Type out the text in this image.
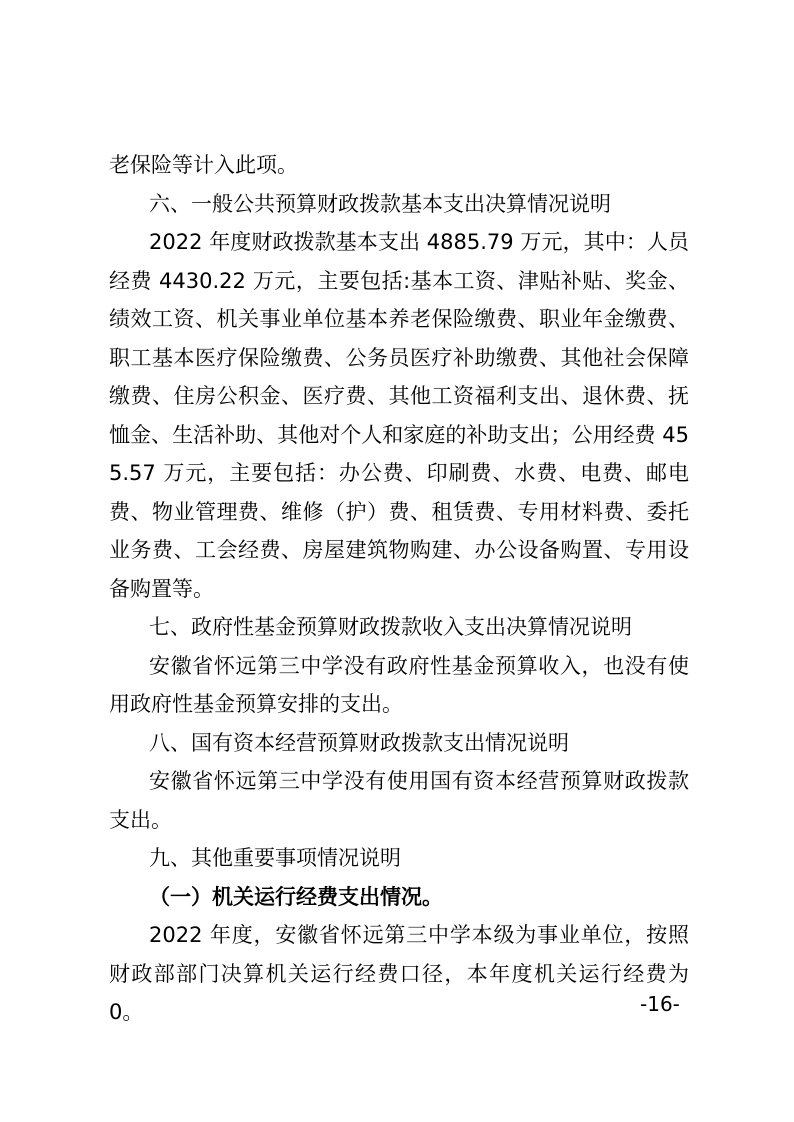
老保险等计入此项。

六、一般公共预算财政拨款基本支出决算情况说明

2022 年度财政拨款基本支出 4885.79 万元，其中：人员经费 4430.22 万元，主要包括:基本工资、津贴补贴、奖金、绩效工资、机关事业单位基本养老保险缴费、职业年金缴费、职工基本医疗保险缴费、公务员医疗补助缴费、其他社会保障缴费、住房公积金、医疗费、其他工资福利支出、退休费、抚恤金、生活补助、其他对个人和家庭的补助支出；公用经费 455.57 万元，主要包括：办公费、印刷费、水费、电费、邮电费、物业管理费、维修（护）费、租赁费、专用材料费、委托业务费、工会经费、房屋建筑物购建、办公设备购置、专用设备购置等。

七、政府性基金预算财政拨款收入支出决算情况说明

安徽省怀远第三中学没有政府性基金预算收入，也没有使用政府性基金预算安排的支出。

八、国有资本经营预算财政拨款支出情况说明

安徽省怀远第三中学没有使用国有资本经营预算财政拨款支出。

九、其他重要事项情况说明

（一）机关运行经费支出情况。

2022 年度，安徽省怀远第三中学本级为事业单位，按照财政部部门决算机关运行经费口径，本年度机关运行经费为 0。	-16-
